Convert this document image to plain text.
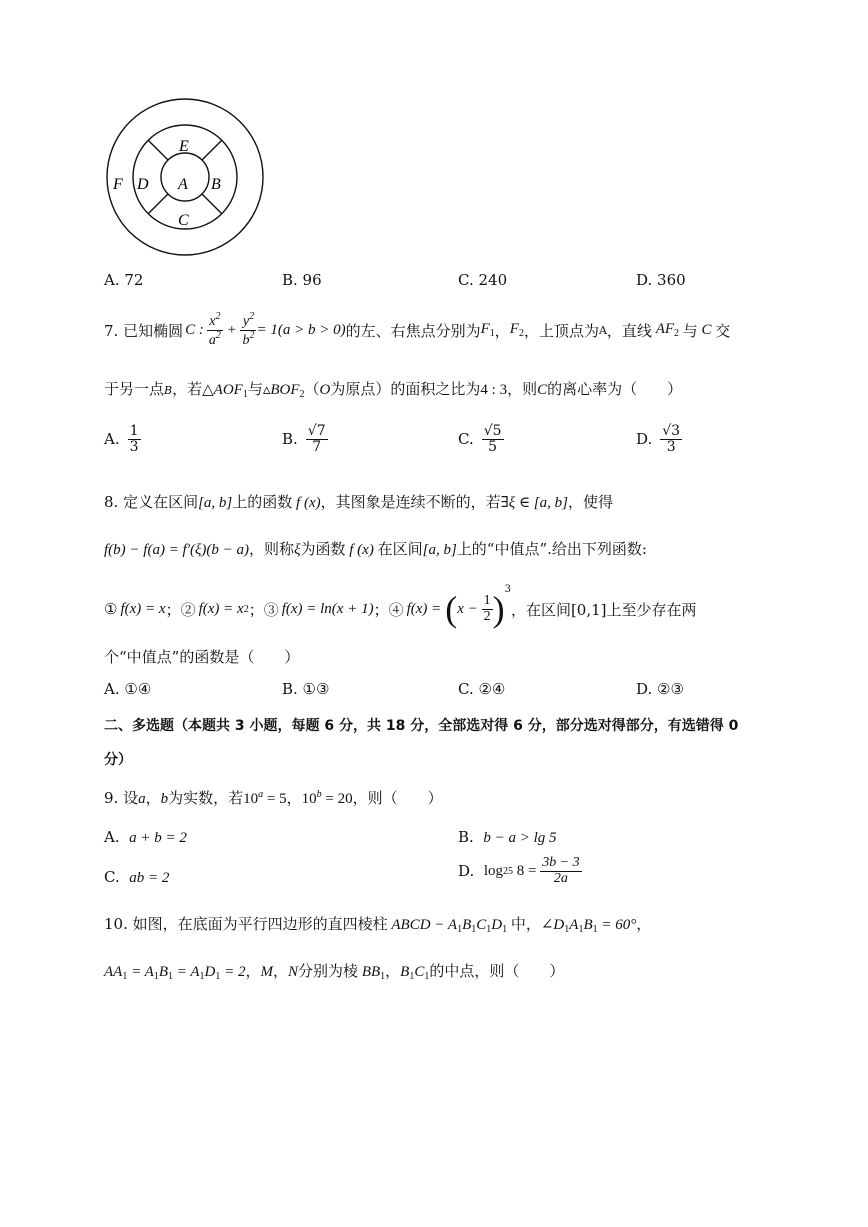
E
F D A B
C
A. 72	B. 96	C. 240	D. 360
7. 已知椭圆 C : $\frac{x^2}{a^2} + \frac{y^2}{b^2} = 1(a > b > 0)$ 的左、右焦点分别为 $F_1$ ， $F_2$ ，上顶点为 A ，直线 $AF_2$ 与 C 交
于另一点B，若$\triangle AOF_1$与$▵BOF_2(O$为原点）的面积之比为4 : 3，则C的离心率为（　　）
A. $\frac{1}{3}$	B. $\frac{√7}{7}$	C. $\frac{√5}{5}$	D. $\frac{√3}{3}$
8. 定义在区间[a, b]上的函数 f (x)，其图象是连续不断的，若∃ξ ∈ [a, b]，使得
f(b) − f(a) = f′(ξ)(b − a)，则称ξ为函数 f (x) 在区间[a, b]上的“中值点”.给出下列函数:
① f(x) = x ；② f(x) = x 2 ；③ f(x) = ln(x + 1) ；④ f(x) = ( $x - \frac{1}{2}$ ) 3
，在区间[0,1]上至少存在两
个“中值点”的函数是（　　）
A. ①④	B. ①③	C. ②④	D. ②③
二、多选题（本题共 3 小题，每题 6 分，共 18 分，全部选对得 6 分，部分选对得部分，有选错得 0
分）
9. 设a，b为实数，若$10^a = 5$，$10^b = 20$，则（　　）
A. a + b = 2	B. b − a > lg 5
C. ab = 2	D.
log 25 $8 = \frac{3b - 3}{2a}$
10. 如图，在底面为平行四边形的直四棱柱 ABCD − $A_1B_1C_1D_1$ 中，$\angle D_1A_1B_1 = 60^\circ$，
$AA_1 = A_1B_1 = A_1D_1 = 2$，M，N分别为棱 $BB_1$，$B_1C_1$的中点，则（　　）
